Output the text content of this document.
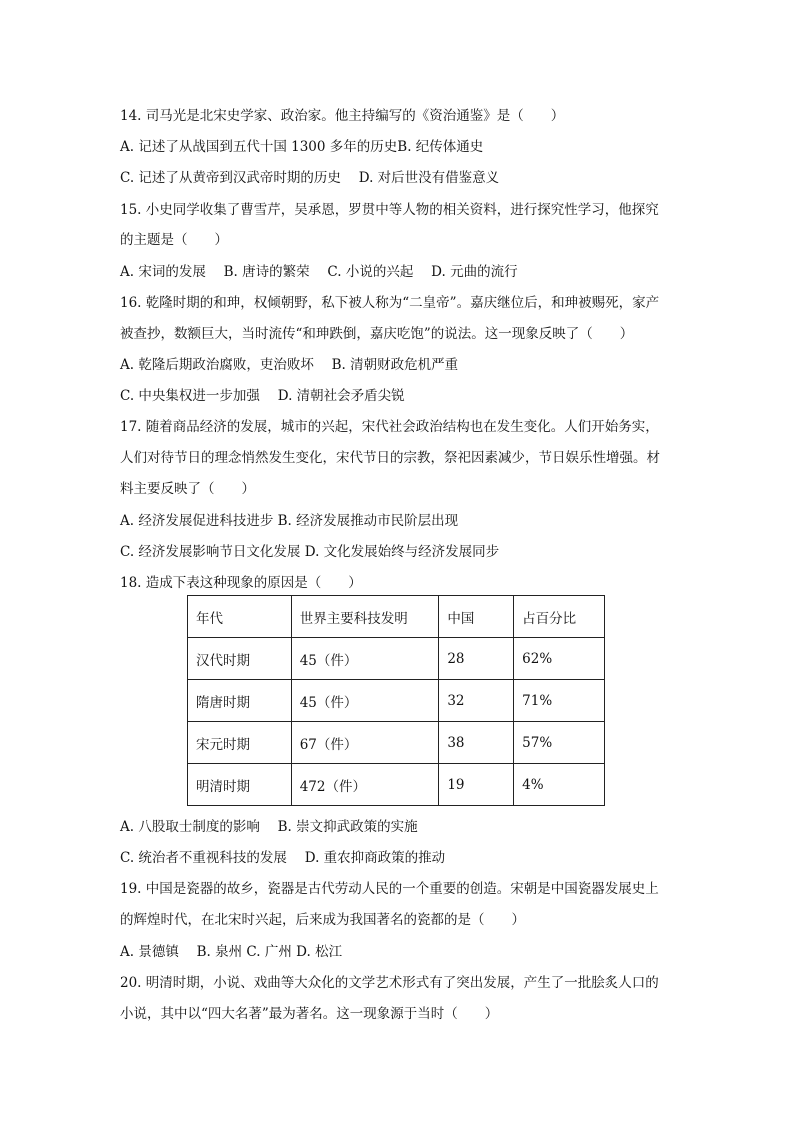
14. 司马光是北宋史学家、政治家。他主持编写的《资治通鉴》是（　　）
A. 记述了从战国到五代十国 1300 多年的历史B. 纪传体通史
C. 记述了从黄帝到汉武帝时期的历史　 D. 对后世没有借鉴意义
15. 小史同学收集了曹雪芹，吴承恩，罗贯中等人物的相关资料，进行探究性学习，他探究
的主题是（　　）
A. 宋词的发展　 B. 唐诗的繁荣　 C. 小说的兴起　 D. 元曲的流行
16. 乾隆时期的和珅，权倾朝野，私下被人称为“二皇帝”。嘉庆继位后，和珅被赐死，家产
被查抄，数额巨大，当时流传“和珅跌倒，嘉庆吃饱”的说法。这一现象反映了（　　）
A. 乾隆后期政治腐败，吏治败坏　 B. 清朝财政危机严重
C. 中央集权进一步加强　 D. 清朝社会矛盾尖锐
17. 随着商品经济的发展，城市的兴起，宋代社会政治结构也在发生变化。人们开始务实，
人们对待节日的理念悄然发生变化，宋代节日的宗教，祭祀因素减少，节日娱乐性增强。材
料主要反映了（　　）
A. 经济发展促进科技进步 B. 经济发展推动市民阶层出现
C. 经济发展影响节日文化发展 D. 文化发展始终与经济发展同步
18. 造成下表这种现象的原因是（　　）
年代	世界主要科技发明	中国	占百分比
汉代时期	45（件）	28	62%
隋唐时期	45（件）	32	71%
宋元时期	67（件）	38	57%
明清时期	472（件）	19	4%
A. 八股取士制度的影响　 B. 崇文抑武政策的实施
C. 统治者不重视科技的发展　 D. 重农抑商政策的推动
19. 中国是瓷器的故乡，瓷器是古代劳动人民的一个重要的创造。宋朝是中国瓷器发展史上
的辉煌时代，在北宋时兴起，后来成为我国著名的瓷都的是（　　）
A. 景德镇　 B. 泉州 C. 广州 D. 松江
20. 明清时期，小说、戏曲等大众化的文学艺术形式有了突出发展，产生了一批脍炙人口的
小说，其中以“四大名著”最为著名。这一现象源于当时（　　）
